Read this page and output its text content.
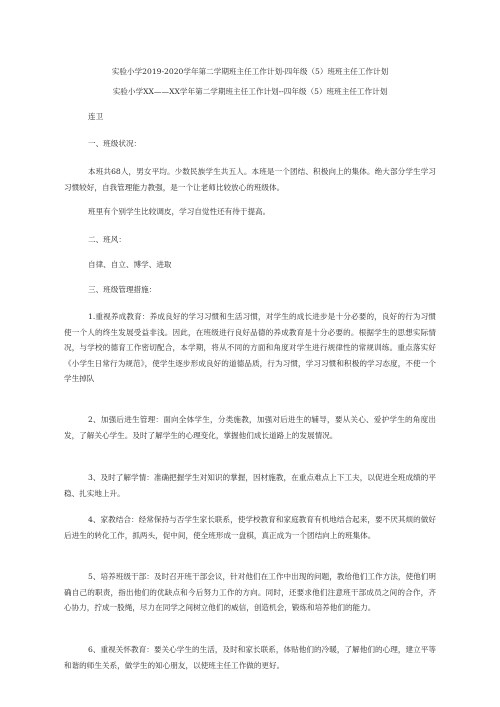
实验小学2019-2020学年第二学期班主任工作计划-四年级（5）班班主任工作计划
实验小学XX——XX学年第二学期班主任工作计划--四年级（5）班班主任工作计划
连卫
一、班级状况：
本班共68人，男女平均。少数民族学生共五人。本班是一个团结、积极向上的集体。绝大部分学生学习习惯较好，自我管理能力教强，是一个让老师比较放心的班级体。
班里有个别学生比较调皮，学习自觉性还有待于提高。
二、班风：
自律、自立、博学、进取
三、班级管理措施：
1.重视养成教育：养成良好的学习习惯和生活习惯，对学生的成长进步是十分必要的，良好的行为习惯使一个人的终生发展受益非浅。因此，在班级进行良好品德的养成教育是十分必要的。根据学生的思想实际情况，与学校的德育工作密切配合，本学期，将从不同的方面和角度对学生进行规律性的常规训练。重点落实好《小学生日常行为规范》，使学生逐步形成良好的道德品质，行为习惯，学习习惯和积极的学习态度，不使一个学生掉队
2、加强后进生管理：面向全体学生，分类施教，加强对后进生的辅导，要从关心、爱护学生的角度出发，了解关心学生。及时了解学生的心理变化，掌握他们成长道路上的发展情况。
3、及时了解学情：准确把握学生对知识的掌握，因材施教，在重点难点上下工夫，以促进全班成绩的平稳、扎实地上升。
4、家教结合：经常保持与否学生家长联系，使学校教育和家庭教育有机地结合起来，要不厌其烦的做好后进生的转化工作，抓两头，促中间，使全班形成一盘棋，真正成为一个团结向上的班集体。
5、培养班级干部：及时召开班干部会议，针对他们在工作中出现的问题，教给他们工作方法，使他们明确自己的职责，指出他们的优缺点和今后努力工作的方向。同时，还要求他们注意班干部成员之间的合作，齐心协力，拧成一股绳，尽力在同学之间树立他们的威信，创造机会，锻炼和培养他们的能力。
6、重视关怀教育：要关心学生的生活，及时和家长联系，体贴他们的冷暖，了解他们的心理，建立平等和谐的师生关系，做学生的知心朋友，以使班主任工作做的更好。
